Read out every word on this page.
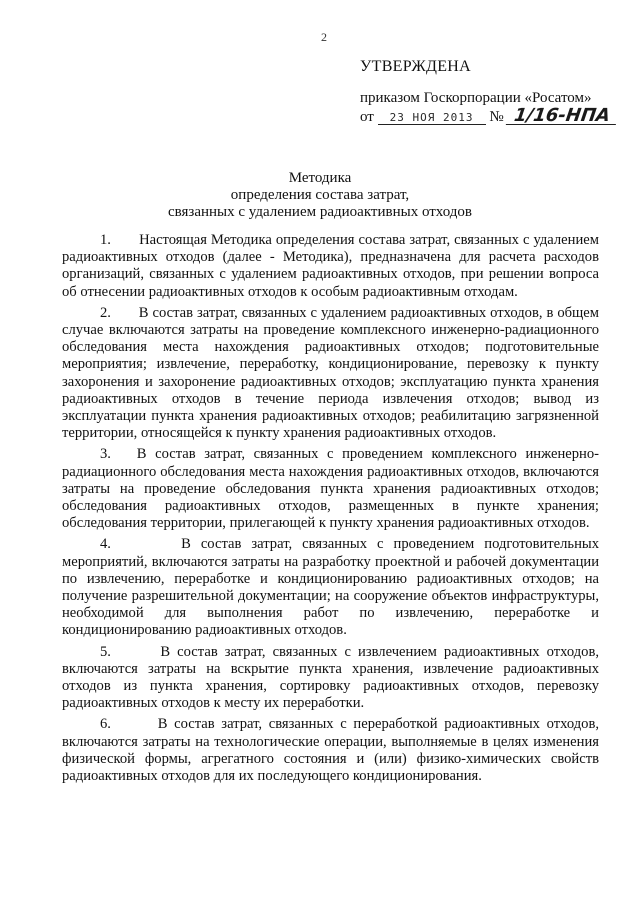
2
УТВЕРЖДЕНА
приказом Госкорпорации «Росатом»
от 23 НОЯ 2013 № 1/16-НПА
Методика
определения состава затрат,
связанных с удалением радиоактивных отходов

1. Настоящая Методика определения состава затрат, связанных с удалением радиоактивных отходов (далее - Методика), предназначена для расчета расходов организаций, связанных с удалением радиоактивных отходов, при решении вопроса об отнесении радиоактивных отходов к особым радиоактивным отходам.

2. В состав затрат, связанных с удалением радиоактивных отходов, в общем случае включаются затраты на проведение комплексного инженерно-радиационного обследования места нахождения радиоактивных отходов; подготовительные мероприятия; извлечение, переработку, кондиционирование, перевозку к пункту захоронения и захоронение радиоактивных отходов; эксплуатацию пункта хранения радиоактивных отходов в течение периода извлечения отходов; вывод из эксплуатации пункта хранения радиоактивных отходов; реабилитацию загрязненной территории, относящейся к пункту хранения радиоактивных отходов.

3. В состав затрат, связанных с проведением комплексного инженерно-радиационного обследования места нахождения радиоактивных отходов, включаются затраты на проведение обследования пункта хранения радиоактивных отходов; обследования радиоактивных отходов, размещенных в пункте хранения; обследования территории, прилегающей к пункту хранения радиоактивных отходов.

4.	В состав затрат, связанных с проведением подготовительных мероприятий, включаются затраты на разработку проектной и рабочей документации по извлечению, переработке и кондиционированию радиоактивных отходов; на получение разрешительной документации; на сооружение объектов инфраструктуры, необходимой для выполнения работ по извлечению, переработке и кондиционированию радиоактивных отходов.

5.	В состав затрат, связанных с извлечением радиоактивных отходов, включаются затраты на вскрытие пункта хранения, извлечение радиоактивных отходов из пункта хранения, сортировку радиоактивных отходов, перевозку радиоактивных отходов к месту их переработки.

6.	В состав затрат, связанных с переработкой радиоактивных отходов, включаются затраты на технологические операции, выполняемые в целях изменения физической формы, агрегатного состояния и (или) физико-химических свойств радиоактивных отходов для их последующего кондиционирования.
